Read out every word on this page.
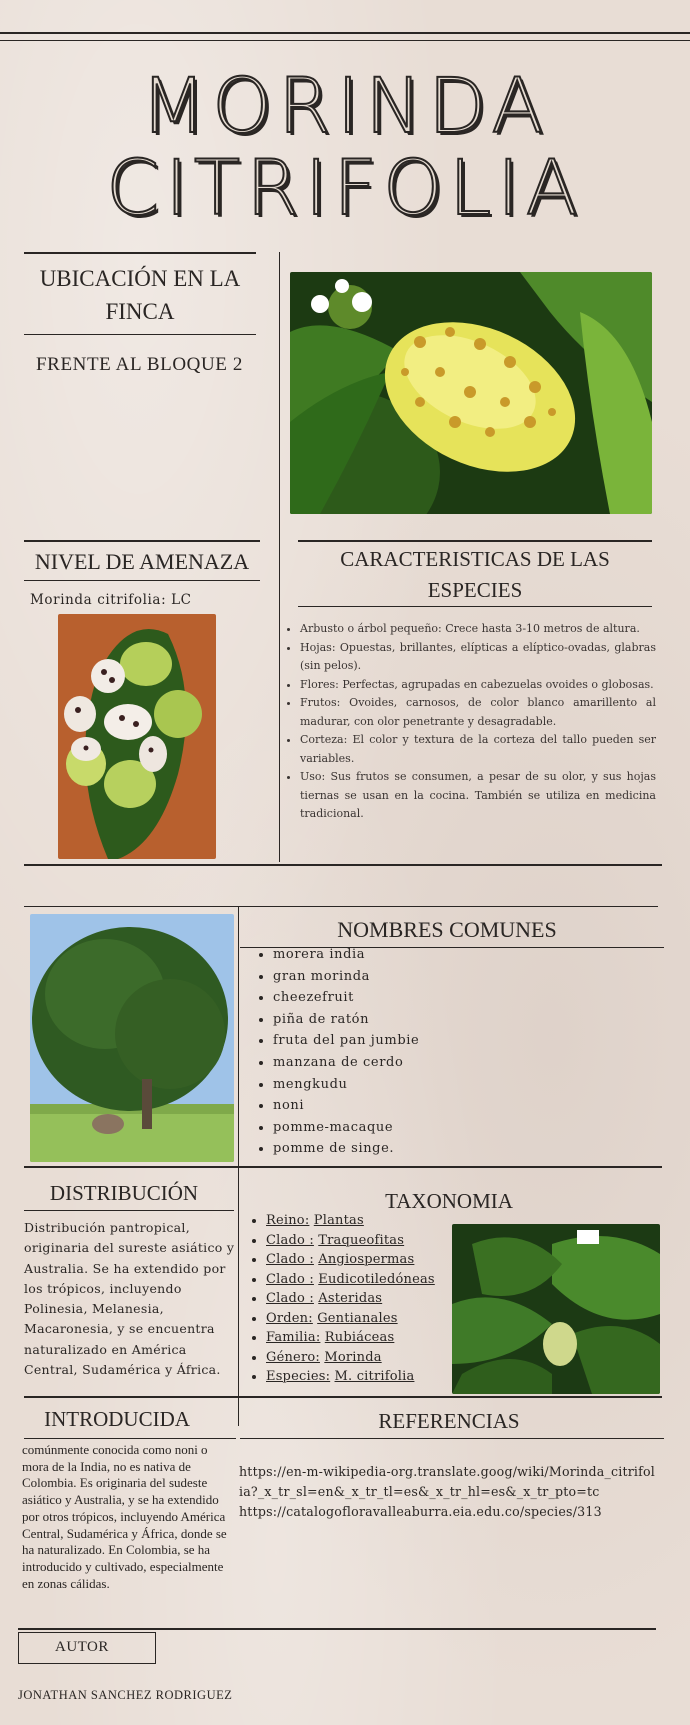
MORINDA
CITRIFOLIA
UBICACIÓN EN LA FINCA
FRENTE AL BLOQUE 2
NIVEL DE AMENAZA
Morinda citrifolia: LC
CARACTERISTICAS DE LAS ESPECIES
• Arbusto o árbol pequeño: Crece hasta 3-10 metros de altura.
• Hojas: Opuestas, brillantes, elípticas a elíptico-ovadas, glabras (sin pelos).
• Flores: Perfectas, agrupadas en cabezuelas ovoides o globosas.
• Frutos: Ovoides, carnosos, de color blanco amarillento al madurar, con olor penetrante y desagradable.
• Corteza: El color y textura de la corteza del tallo pueden ser variables.
• Uso: Sus frutos se consumen, a pesar de su olor, y sus hojas tiernas se usan en la cocina. También se utiliza en medicina tradicional.
NOMBRES COMUNES
• morera india
• gran morinda
• cheezefruit
• piña de ratón
• fruta del pan jumbie
• manzana de cerdo
• mengkudu
• noni
• pomme-macaque
• pomme de singe.
DISTRIBUCIÓN
Distribución pantropical, originaria del sureste asiático y Australia. Se ha extendido por los trópicos, incluyendo Polinesia, Melanesia, Macaronesia, y se encuentra naturalizado en América Central, Sudamérica y África.
TAXONOMIA
• Reino: Plantas
• Clado : Traqueofitas
• Clado : Angiospermas
• Clado : Eudicotiledóneas
• Clado : Asteridas
• Orden: Gentianales
• Familia: Rubiáceas
• Género: Morinda
• Especies: M. citrifolia
INTRODUCIDA
comúnmente conocida como noni o mora de la India, no es nativa de Colombia. Es originaria del sudeste asiático y Australia, y se ha extendido por otros trópicos, incluyendo América Central, Sudamérica y África, donde se ha naturalizado. En Colombia, se ha introducido y cultivado, especialmente en zonas cálidas.
REFERENCIAS
https://en-m-wikipedia-org.translate.goog/wiki/Morinda_citrifolia?_x_tr_sl=en&_x_tr_tl=es&_x_tr_hl=es&_x_tr_pto=tc
https://catalogofloravalleaburra.eia.edu.co/species/313
AUTOR
JONATHAN SANCHEZ RODRIGUEZ
